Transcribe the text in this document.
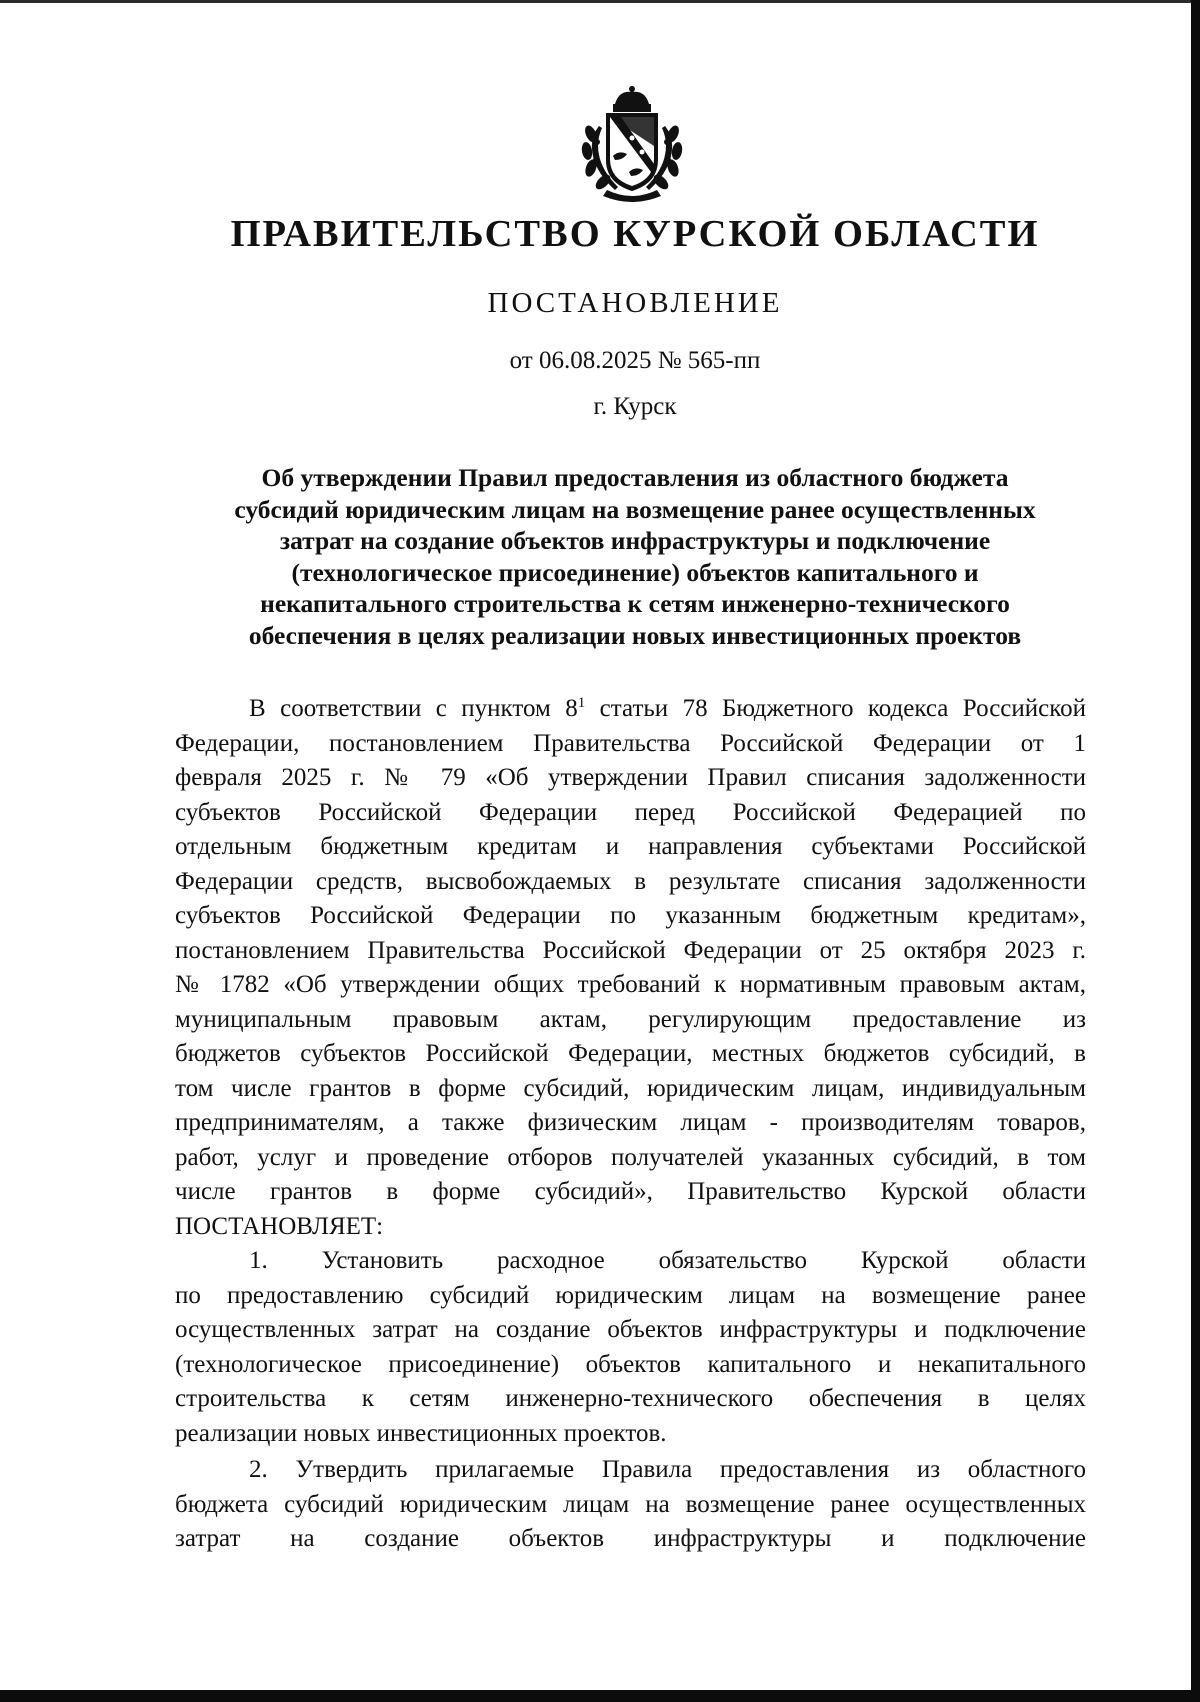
ПРАВИТЕЛЬСТВО КУРСКОЙ ОБЛАСТИ
ПОСТАНОВЛЕНИЕ
от 06.08.2025 № 565-пп
г. Курск
Об утверждении Правил предоставления из областного бюджета
субсидий юридическим лицам на возмещение ранее осуществленных
затрат на создание объектов инфраструктуры и подключение
(технологическое присоединение) объектов капитального и
некапитального строительства к сетям инженерно-технического
обеспечения в целях реализации новых инвестиционных проектов
В соответствии с пунктом $8^1$ статьи 78 Бюджетного кодекса Российской
Федерации, постановлением Правительства Российской Федерации от 1
февраля 2025 г. № 79 «Об утверждении Правил списания задолженности
субъектов Российской Федерации перед Российской Федерацией по
отдельным бюджетным кредитам и направления субъектами Российской
Федерации средств, высвобождаемых в результате списания задолженности
субъектов Российской Федерации по указанным бюджетным кредитам»,
постановлением Правительства Российской Федерации от 25 октября 2023 г.
№ 1782 «Об утверждении общих требований к нормативным правовым актам,
муниципальным правовым актам, регулирующим предоставление из
бюджетов субъектов Российской Федерации, местных бюджетов субсидий, в
том числе грантов в форме субсидий, юридическим лицам, индивидуальным
предпринимателям, а также физическим лицам - производителям товаров,
работ, услуг и проведение отборов получателей указанных субсидий, в том
числе грантов в форме субсидий», Правительство Курской области
ПОСТАНОВЛЯЕТ:
1. Установить расходное обязательство Курской области
по предоставлению субсидий юридическим лицам на возмещение ранее
осуществленных затрат на создание объектов инфраструктуры и подключение
(технологическое присоединение) объектов капитального и некапитального
строительства к сетям инженерно-технического обеспечения в целях
реализации новых инвестиционных проектов.
2. Утвердить прилагаемые Правила предоставления из областного
бюджета субсидий юридическим лицам на возмещение ранее осуществленных
затрат на создание объектов инфраструктуры и подключение
